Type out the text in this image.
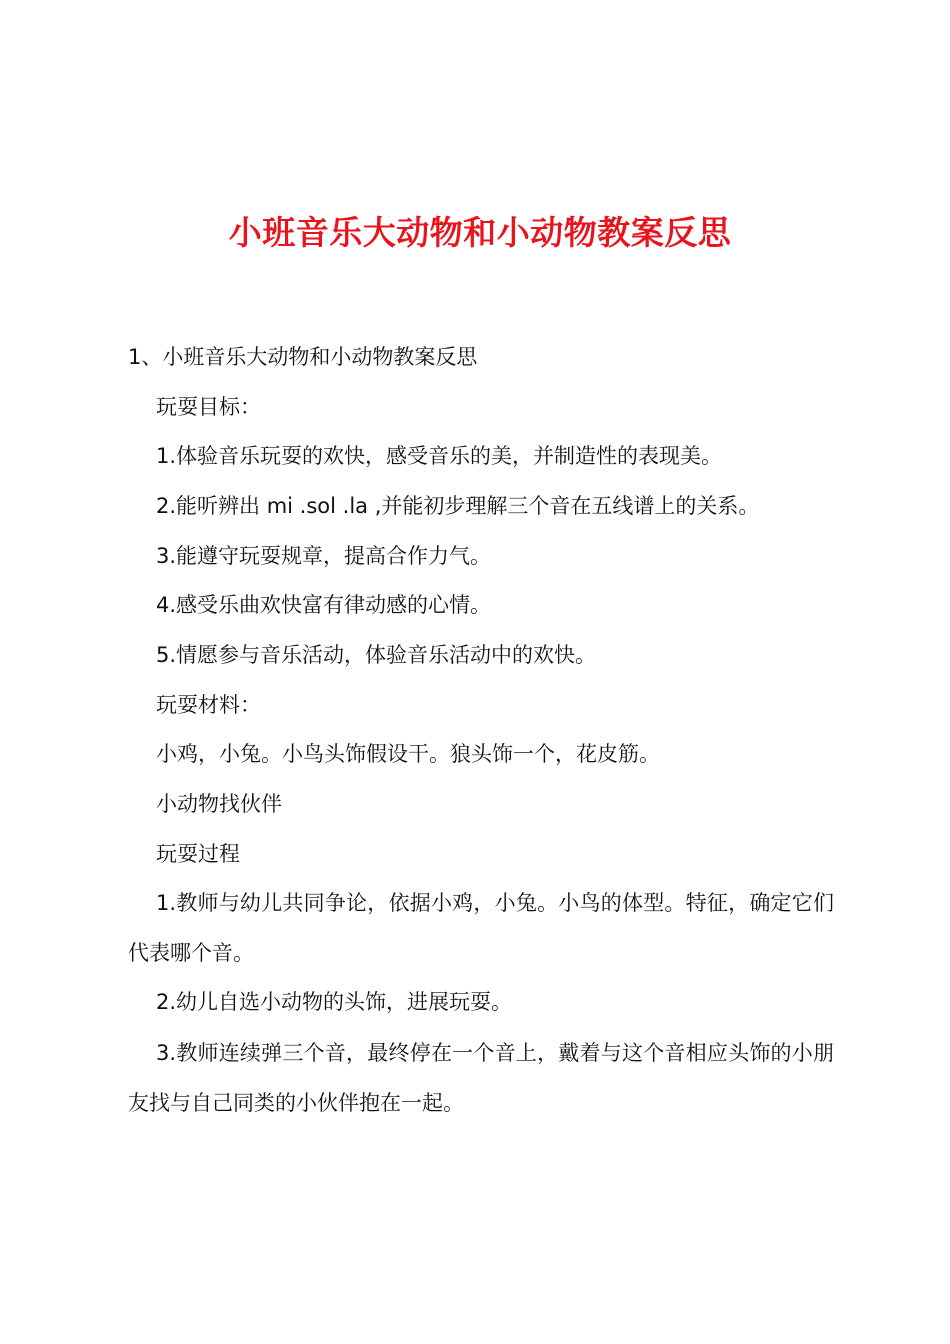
小班音乐大动物和小动物教案反思
1、小班音乐大动物和小动物教案反思
玩耍目标：
1.体验音乐玩耍的欢快，感受音乐的美，并制造性的表现美。
2.能听辨出 mi .sol .la ,并能初步理解三个音在五线谱上的关系。
3.能遵守玩耍规章，提高合作力气。
4.感受乐曲欢快富有律动感的心情。
5.情愿参与音乐活动，体验音乐活动中的欢快。
玩耍材料：
小鸡，小兔。小鸟头饰假设干。狼头饰一个，花皮筋。
小动物找伙伴
玩耍过程
1.教师与幼儿共同争论，依据小鸡，小兔。小鸟的体型。特征，确定它们代表哪个音。
2.幼儿自选小动物的头饰，进展玩耍。
3.教师连续弹三个音，最终停在一个音上，戴着与这个音相应头饰的小朋友找与自己同类的小伙伴抱在一起。
